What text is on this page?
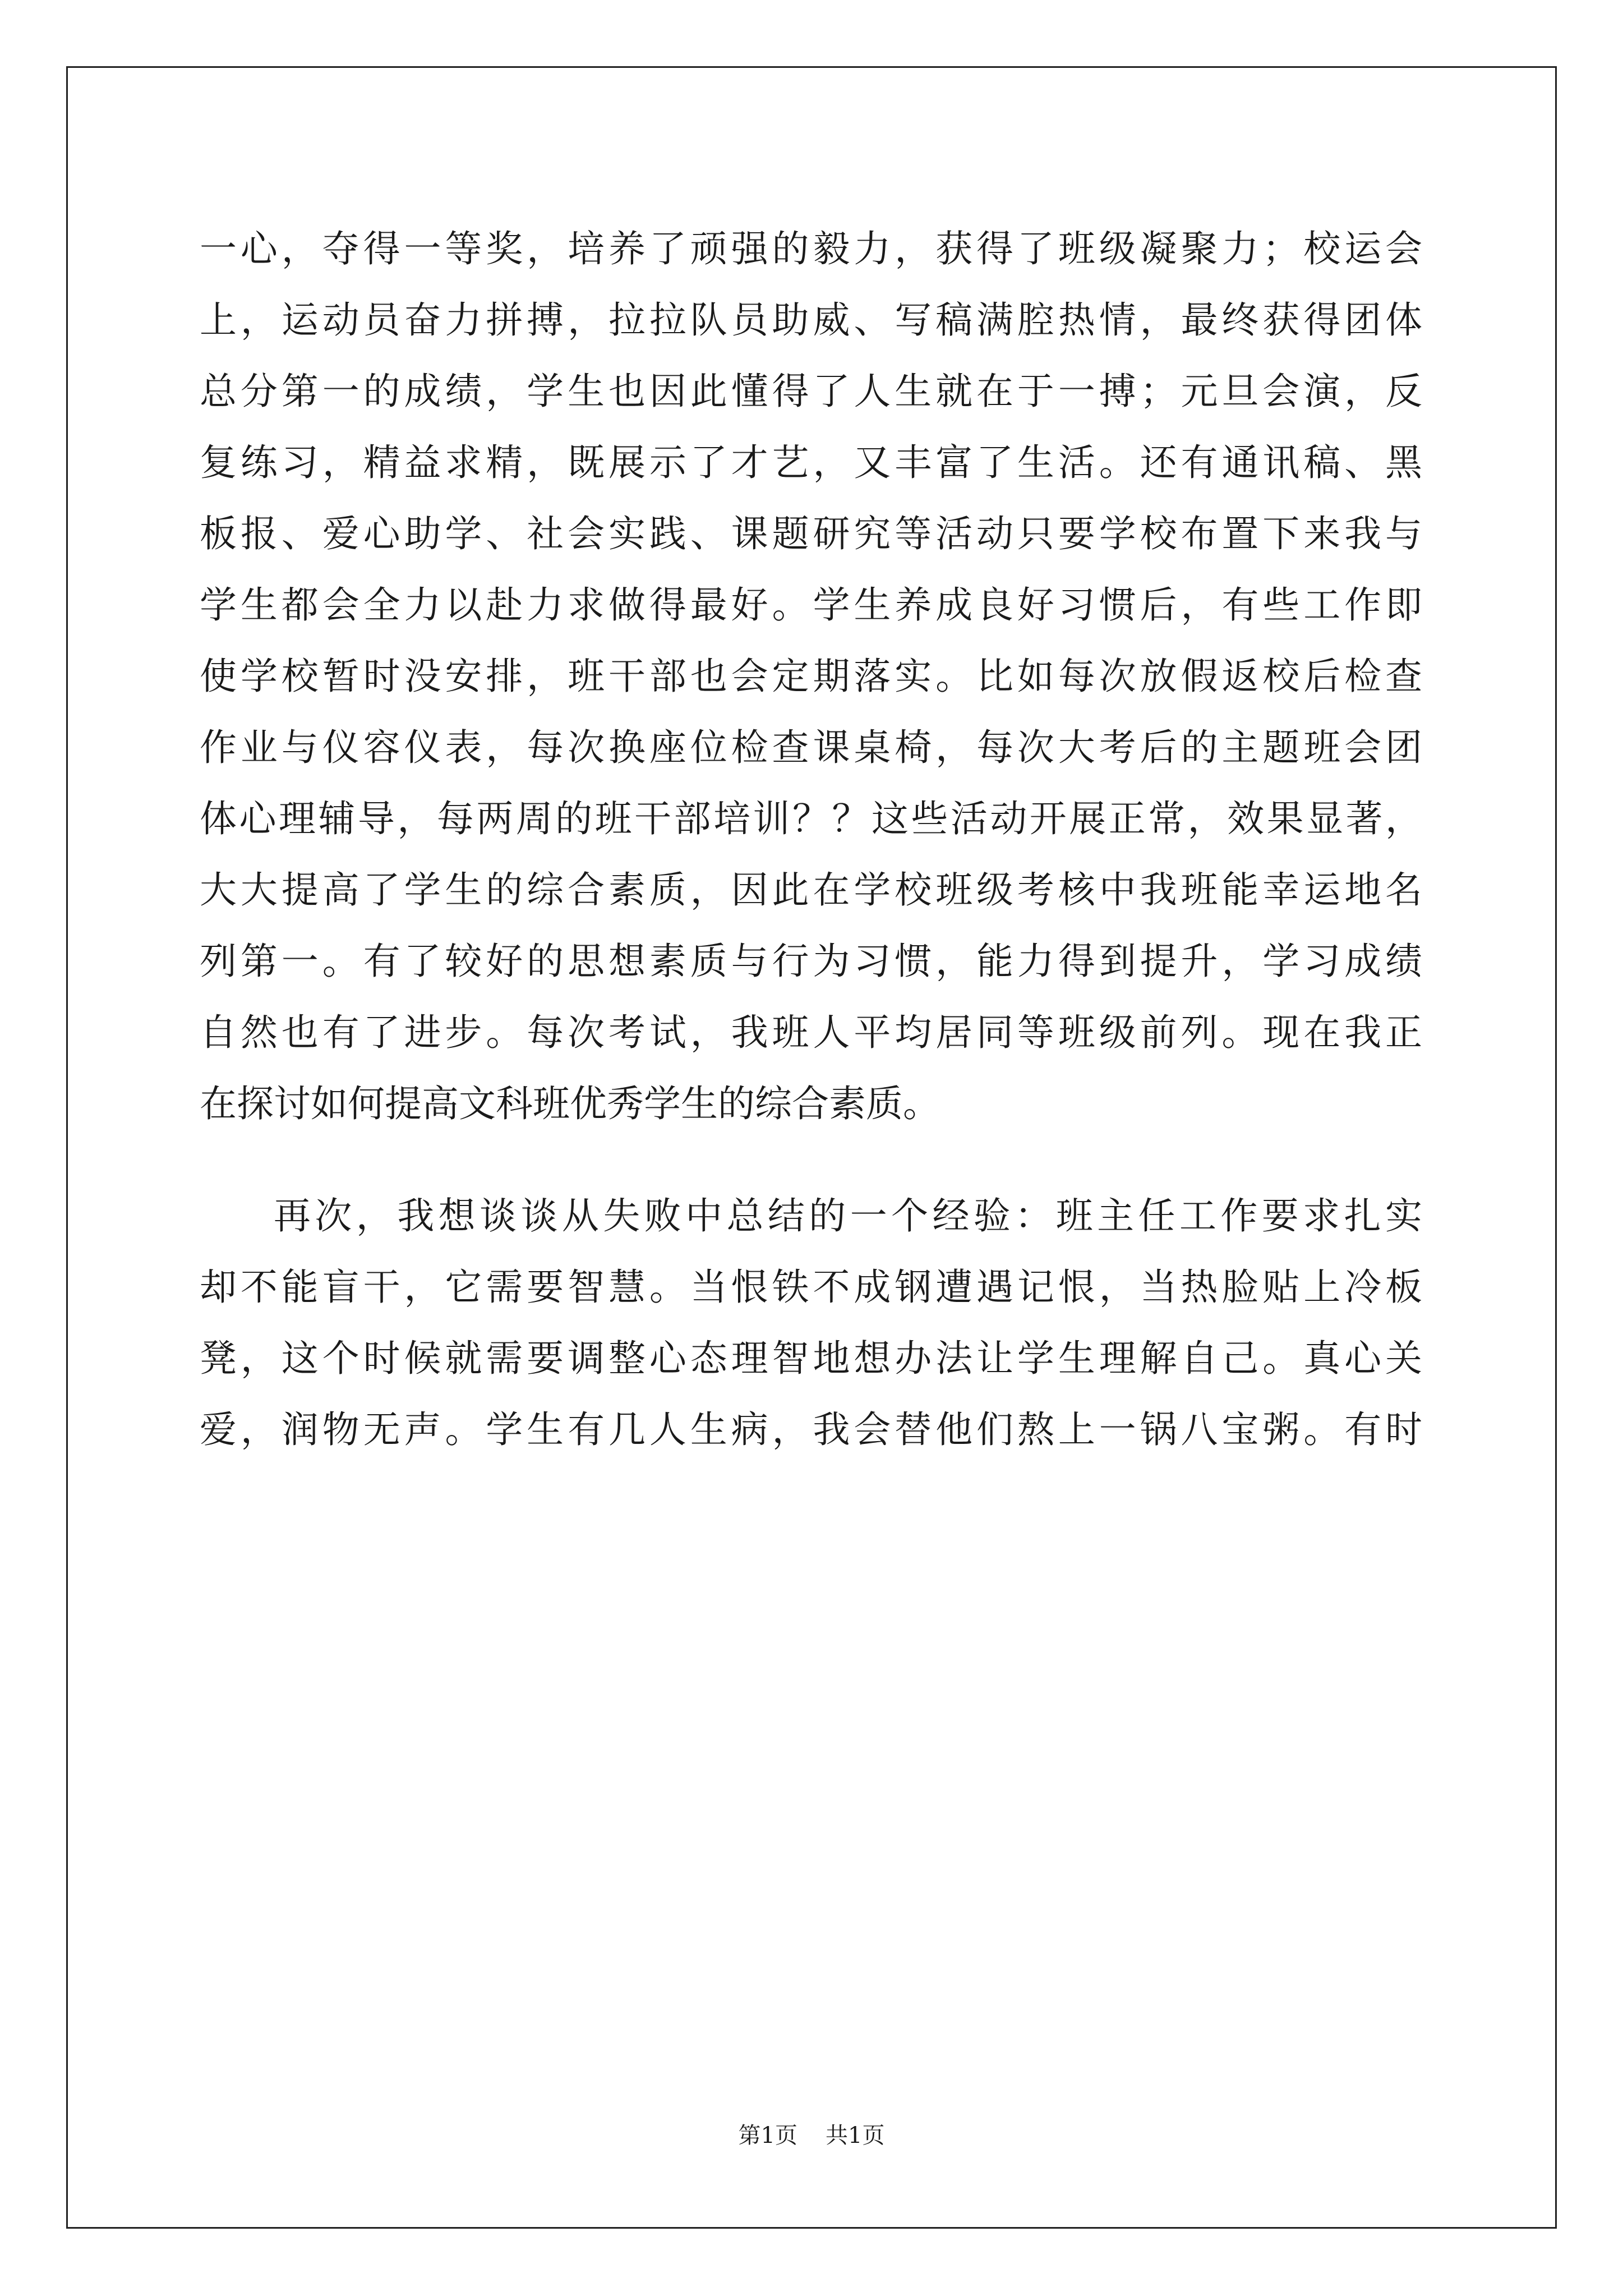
一心，夺得一等奖，培养了顽强的毅力，获得了班级凝聚力；校运会
上，运动员奋力拼搏，拉拉队员助威、写稿满腔热情，最终获得团体
总分第一的成绩，学生也因此懂得了人生就在于一搏；元旦会演，反
复练习，精益求精，既展示了才艺，又丰富了生活。还有通讯稿、黑
板报、爱心助学、社会实践、课题研究等活动只要学校布置下来我与
学生都会全力以赴力求做得最好。学生养成良好习惯后，有些工作即
使学校暂时没安排，班干部也会定期落实。比如每次放假返校后检查
作业与仪容仪表，每次换座位检查课桌椅，每次大考后的主题班会团
体心理辅导，每两周的班干部培训？？这些活动开展正常，效果显著，
大大提高了学生的综合素质，因此在学校班级考核中我班能幸运地名
列第一。有了较好的思想素质与行为习惯，能力得到提升，学习成绩
自然也有了进步。每次考试，我班人平均居同等班级前列。现在我正
在探讨如何提高文科班优秀学生的综合素质。
再次，我想谈谈从失败中总结的一个经验：班主任工作要求扎实
却不能盲干，它需要智慧。当恨铁不成钢遭遇记恨，当热脸贴上冷板
凳，这个时候就需要调整心态理智地想办法让学生理解自己。真心关
爱，润物无声。学生有几人生病，我会替他们熬上一锅八宝粥。有时
第1页 共1页
